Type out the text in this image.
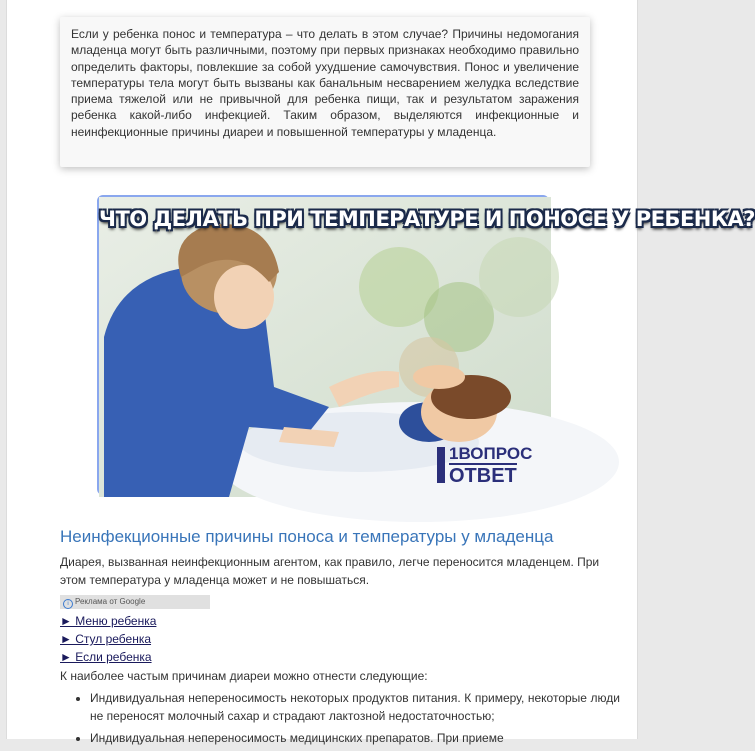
Если у ребенка понос и температура – что делать в этом случае? Причины недомогания младенца могут быть различными, поэтому при первых признаках необходимо правильно определить факторы, повлекшие за собой ухудшение самочувствия. Понос и увеличение температуры тела могут быть вызваны как банальным несварением желудка вследствие приема тяжелой или не привычной для ребенка пищи, так и результатом заражения ребенка какой-либо инфекцией. Таким образом, выделяются инфекционные и неинфекционные причины диареи и повышенной температуры у младенца.

ЧТО ДЕЛАТЬ ПРИ ТЕМПЕРАТУРЕ И ПОНОСЕ У РЕБЕНКА?
1ВОПРОС
ОТВЕТ
Неинфекционные причины поноса и температуры у младенца

Диарея, вызванная неинфекционным агентом, как правило, легче переносится младенцем. При этом температура у младенца может и не повышаться.

i Реклама от Google
► Меню ребенка
► Стул ребенка
► Если ребенка

К наиболее частым причинам диареи можно отнести следующие:

• Индивидуальная непереносимость некоторых продуктов питания. К примеру, некоторые люди не переносят молочный сахар и страдают лактозной недостаточностью;
• Индивидуальная непереносимость медицинских препаратов. При приеме
